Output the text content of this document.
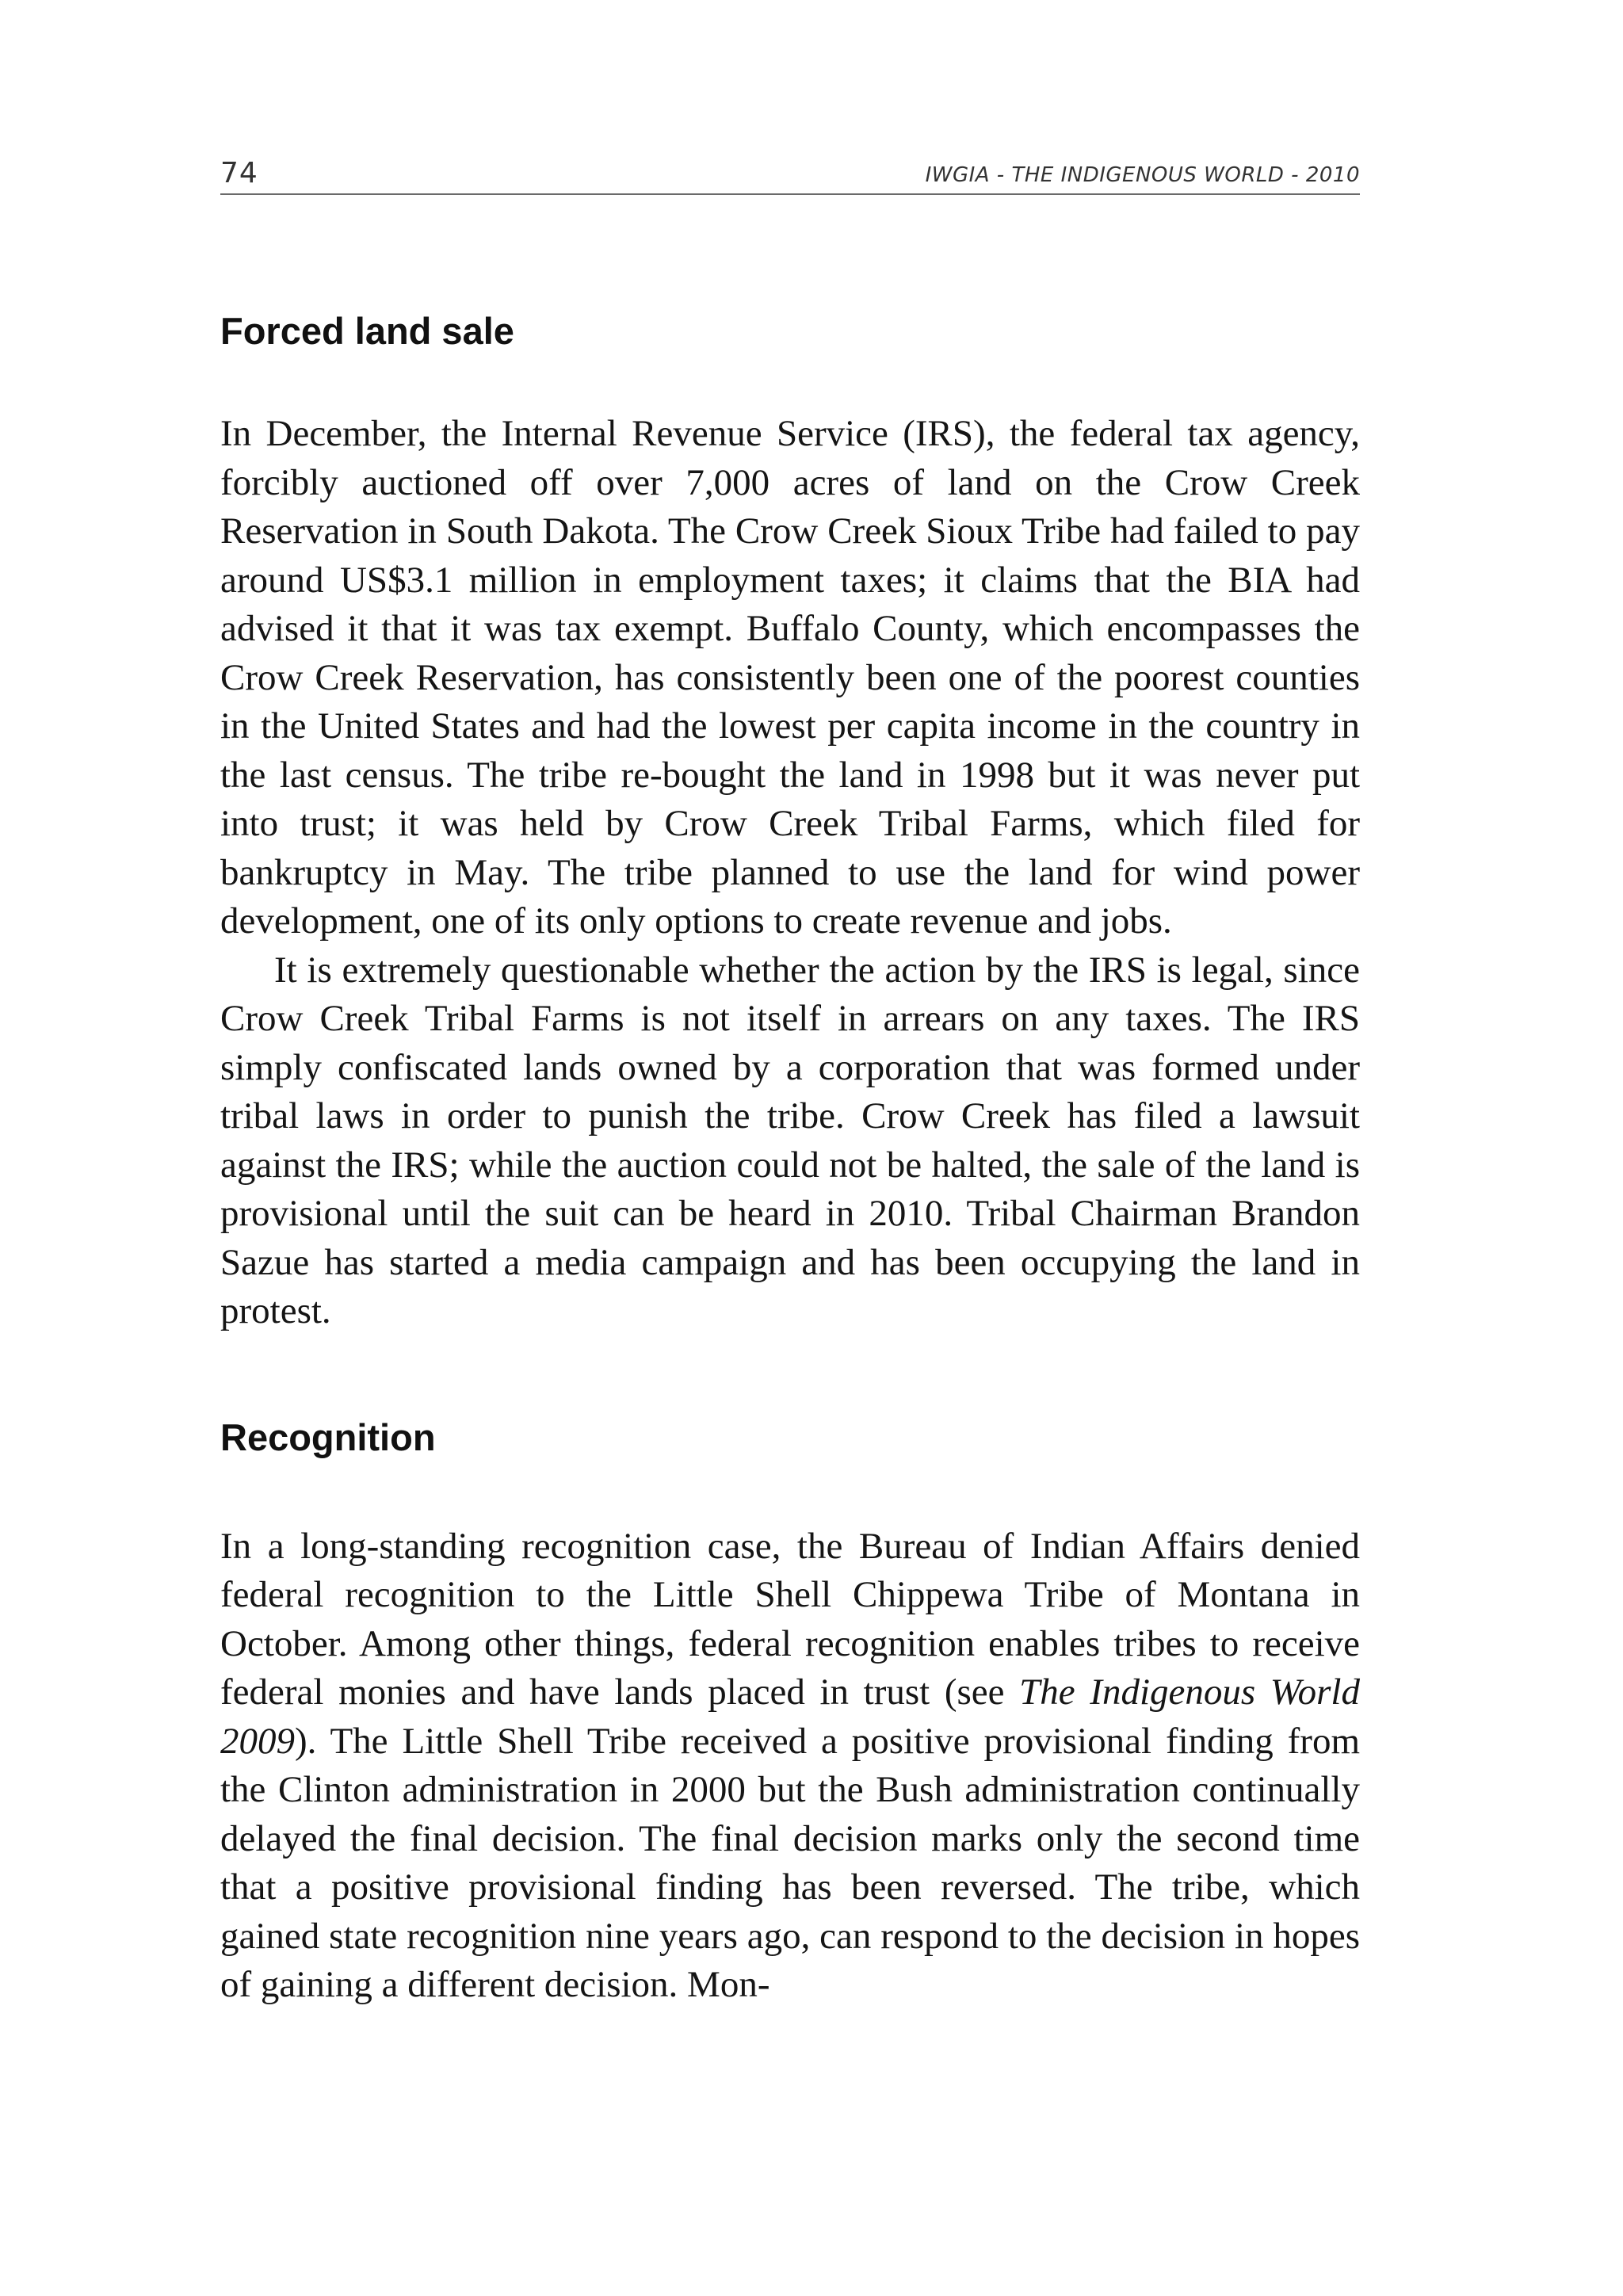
74	IWGIA - THE INDIGENOUS WORLD - 2010
Forced land sale

In December, the Internal Revenue Service (IRS), the federal tax agency, forcibly auctioned off over 7,000 acres of land on the Crow Creek Reservation in South Dakota. The Crow Creek Sioux Tribe had failed to pay around US$3.1 million in employment taxes; it claims that the BIA had advised it that it was tax exempt. Buffalo County, which encompasses the Crow Creek Reservation, has consistently been one of the poorest counties in the United States and had the lowest per capita income in the country in the last census. The tribe re-bought the land in 1998 but it was never put into trust; it was held by Crow Creek Tribal Farms, which filed for bankruptcy in May. The tribe planned to use the land for wind power development, one of its only options to create revenue and jobs.

It is extremely questionable whether the action by the IRS is legal, since Crow Creek Tribal Farms is not itself in arrears on any taxes. The IRS simply confiscated lands owned by a corporation that was formed under tribal laws in order to punish the tribe. Crow Creek has filed a lawsuit against the IRS; while the auction could not be halted, the sale of the land is provisional until the suit can be heard in 2010. Tribal Chairman Brandon Sazue has started a media campaign and has been occupying the land in protest.

Recognition

In a long-standing recognition case, the Bureau of Indian Affairs denied federal recognition to the Little Shell Chippewa Tribe of Montana in October. Among other things, federal recognition enables tribes to receive federal monies and have lands placed in trust (see The Indigenous World 2009). The Little Shell Tribe received a positive provisional finding from the Clinton administration in 2000 but the Bush administration continually delayed the final decision. The final decision marks only the second time that a positive provisional finding has been reversed. The tribe, which gained state recognition nine years ago, can respond to the decision in hopes of gaining a different decision. Mon-
